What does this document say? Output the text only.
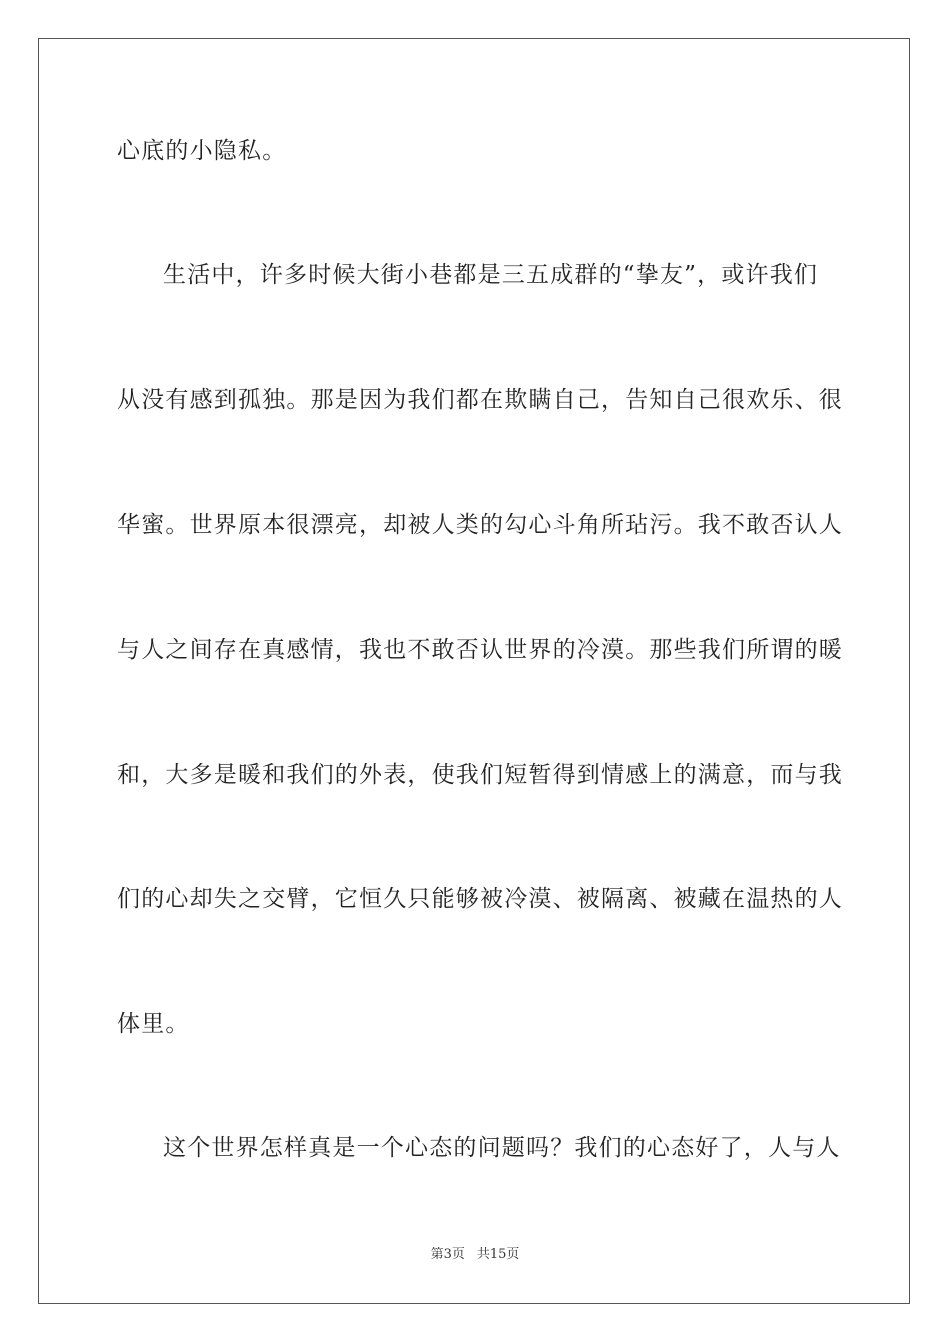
心底的小隐私。
生活中，许多时候大街小巷都是三五成群的“挚友”，或许我们
从没有感到孤独。那是因为我们都在欺瞒自己，告知自己很欢乐、很
华蜜。世界原本很漂亮，却被人类的勾心斗角所玷污。我不敢否认人
与人之间存在真感情，我也不敢否认世界的冷漠。那些我们所谓的暖
和，大多是暖和我们的外表，使我们短暂得到情感上的满意，而与我
们的心却失之交臂，它恒久只能够被冷漠、被隔离、被藏在温热的人
体里。
这个世界怎样真是一个心态的问题吗？我们的心态好了，人与人
第3页 共15页
